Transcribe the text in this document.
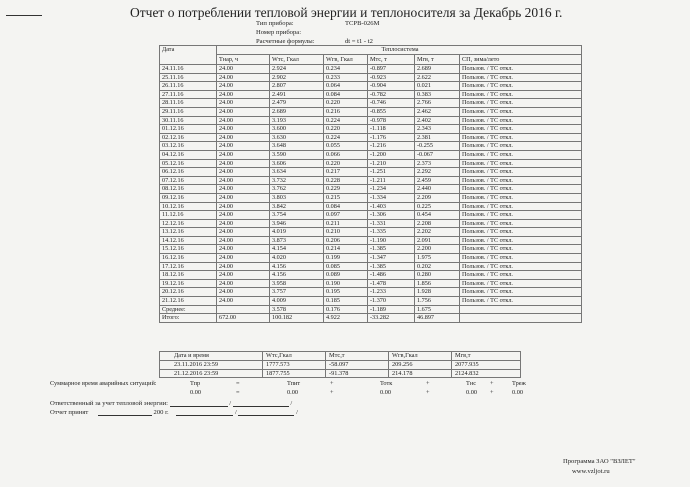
Отчет о потреблении тепловой энергии и теплоносителя за Декабрь 2016 г.
Тип прибора:	ТСРВ-026М
Номер прибора:
Расчетные формулы:	dt = t1 - t2
Дата	Теплосистема					
	Тнар, ч	Wтс, Гкал	Wгв, Гкал	Мтс, т	Мгв, т	СП, зима/лето
24.11.16	24.00	2.924	0.234	-0.897	2.689	Пользов. / ТС откл.
25.11.16	24.00	2.902	0.233	-0.923	2.622	Пользов. / ТС откл.
26.11.16	24.00	2.807	0.064	-0.904	0.021	Пользов. / ТС откл.
27.11.16	24.00	2.491	0.084	-0.782	0.383	Пользов. / ТС откл.
28.11.16	24.00	2.479	0.220	-0.746	2.766	Пользов. / ТС откл.
29.11.16	24.00	2.689	0.216	-0.855	2.462	Пользов. / ТС откл.
30.11.16	24.00	3.193	0.224	-0.978	2.402	Пользов. / ТС откл.
01.12.16	24.00	3.600	0.220	-1.118	2.343	Пользов. / ТС откл.
02.12.16	24.00	3.630	0.224	-1.176	2.381	Пользов. / ТС откл.
03.12.16	24.00	3.648	0.055	-1.216	-0.255	Пользов. / ТС откл.
04.12.16	24.00	3.590	0.066	-1.200	-0.067	Пользов. / ТС откл.
05.12.16	24.00	3.606	0.220	-1.210	2.373	Пользов. / ТС откл.
06.12.16	24.00	3.634	0.217	-1.251	2.292	Пользов. / ТС откл.
07.12.16	24.00	3.732	0.228	-1.211	2.459	Пользов. / ТС откл.
08.12.16	24.00	3.762	0.229	-1.234	2.440	Пользов. / ТС откл.
09.12.16	24.00	3.803	0.215	-1.334	2.209	Пользов. / ТС откл.
10.12.16	24.00	3.842	0.084	-1.403	0.225	Пользов. / ТС откл.
11.12.16	24.00	3.754	0.097	-1.306	0.454	Пользов. / ТС откл.
12.12.16	24.00	3.946	0.211	-1.331	2.208	Пользов. / ТС откл.
13.12.16	24.00	4.019	0.210	-1.335	2.202	Пользов. / ТС откл.
14.12.16	24.00	3.873	0.206	-1.190	2.091	Пользов. / ТС откл.
15.12.16	24.00	4.154	0.214	-1.385	2.200	Пользов. / ТС откл.
16.12.16	24.00	4.020	0.199	-1.347	1.975	Пользов. / ТС откл.
17.12.16	24.00	4.156	0.085	-1.385	0.202	Пользов. / ТС откл.
18.12.16	24.00	4.156	0.089	-1.486	0.280	Пользов. / ТС откл.
19.12.16	24.00	3.958	0.190	-1.478	1.856	Пользов. / ТС откл.
20.12.16	24.00	3.757	0.195	-1.233	1.928	Пользов. / ТС откл.
21.12.16	24.00	4.009	0.185	-1.370	1.756	Пользов. / ТС откл.
Среднее:		3.578	0.176	-1.189	1.675	
Итого:	672.00	100.182	4.922	-33.282	46.897	
Дата и время	Wтс,Гкал	Мтс,т	Wгв,Гкал	Мгв,т
23.11.2016 23:59	1777.573	-58.097	209.256	2077.935
21.12.2016 23:59	1877.755	-91.378	214.178	2124.832
Суммарное время аварийных ситуаций:	Тпр	=	Тпит	+	Тотк	+	Тнс +	Треж
0.00	=	0.00	+	0.00	+	0.00 +	0.00
Ответственный за учет тепловой энергии:	/	/
Отчет принят	200 г.	/	/
Программа ЗАО "ВЗЛЕТ"
www.vzljot.ru
